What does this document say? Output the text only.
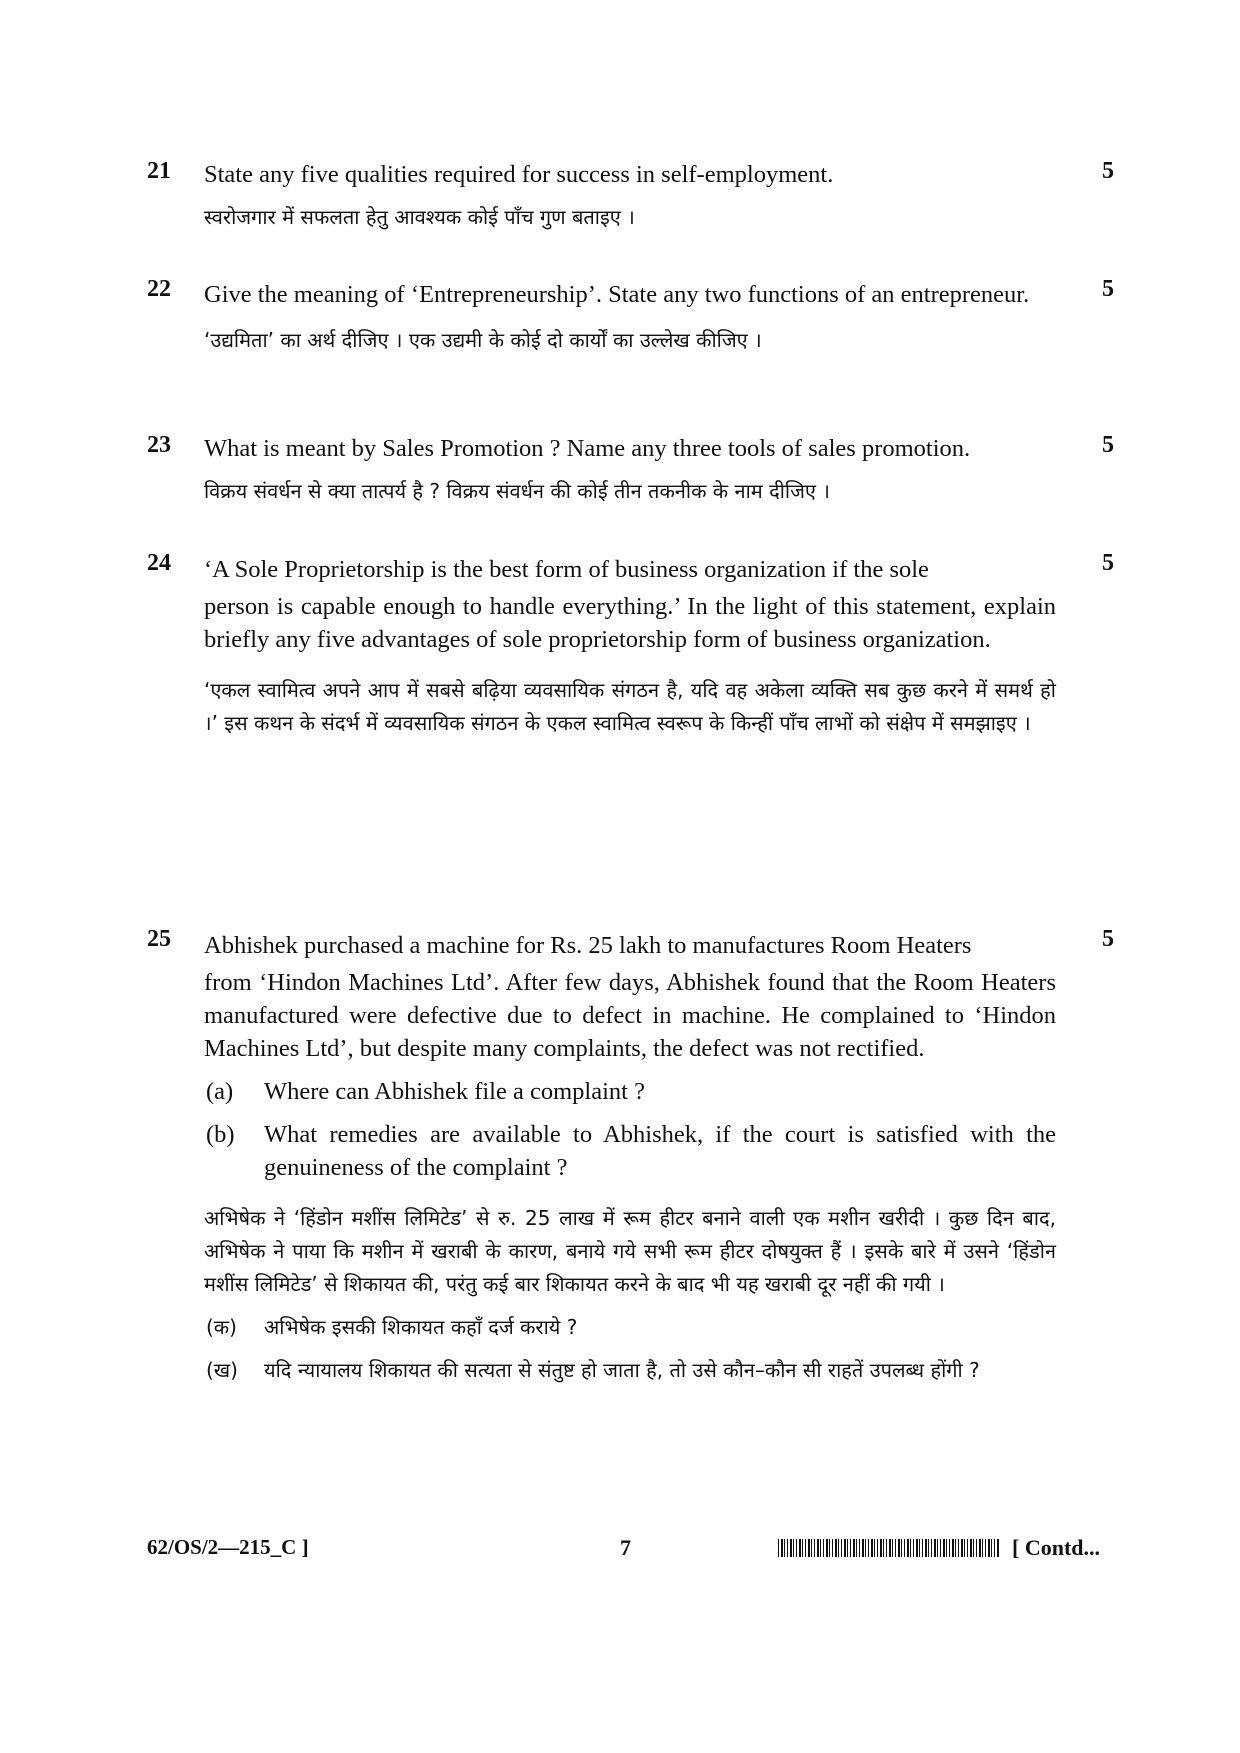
21 State any five qualities required for success in self-employment.

स्वरोजगार में सफलता हेतु आवश्यक कोई पाँच गुण बताइए ।

5
22 Give the meaning of ‘Entrepreneurship’. State any two functions of an entrepreneur.

‘उद्यमिता’ का अर्थ दीजिए । एक उद्यमी के कोई दो कार्यों का उल्लेख कीजिए ।

5
23 What is meant by Sales Promotion ? Name any three tools of sales promotion.

विक्रय संवर्धन से क्या तात्पर्य है ? विक्रय संवर्धन की कोई तीन तकनीक के नाम दीजिए ।

5
24 ‘A Sole Proprietorship is the best form of business organization if the sole

person is capable enough to handle everything.’ In the light of this statement, explain briefly any five advantages of sole proprietorship form of business organization.

‘एकल स्वामित्व अपने आप में सबसे बढ़िया व्यवसायिक संगठन है, यदि वह अकेला व्यक्ति सब कुछ करने में समर्थ हो ।’ इस कथन के संदर्भ में व्यवसायिक संगठन के एकल स्वामित्व स्वरूप के किन्हीं पाँच लाभों को संक्षेप में समझाइए ।

5
25 Abhishek purchased a machine for Rs. 25 lakh to manufactures Room Heaters

from ‘Hindon Machines Ltd’. After few days, Abhishek found that the Room Heaters manufactured were defective due to defect in machine. He complained to ‘Hindon Machines Ltd’, but despite many complaints, the defect was not rectified.

(a) Where can Abhishek file a complaint ?

(b) What remedies are available to Abhishek, if the court is satisfied with the genuineness of the complaint ?

अभिषेक ने ‘हिंडोन मशींस लिमिटेड’ से रु. 25 लाख में रूम हीटर बनाने वाली एक मशीन खरीदी । कुछ दिन बाद, अभिषेक ने पाया कि मशीन में खराबी के कारण, बनाये गये सभी रूम हीटर दोषयुक्त हैं । इसके बारे में उसने ‘हिंडोन मशींस लिमिटेड’ से शिकायत की, परंतु कई बार शिकायत करने के बाद भी यह खराबी दूर नहीं की गयी ।

(क) अभिषेक इसकी शिकायत कहाँ दर्ज कराये ?

(ख) यदि न्यायालय शिकायत की सत्यता से संतुष्ट हो जाता है, तो उसे कौन–कौन सी राहतें उपलब्ध होंगी ?

5
62/OS/2—215_C ]	7	[ Contd...
